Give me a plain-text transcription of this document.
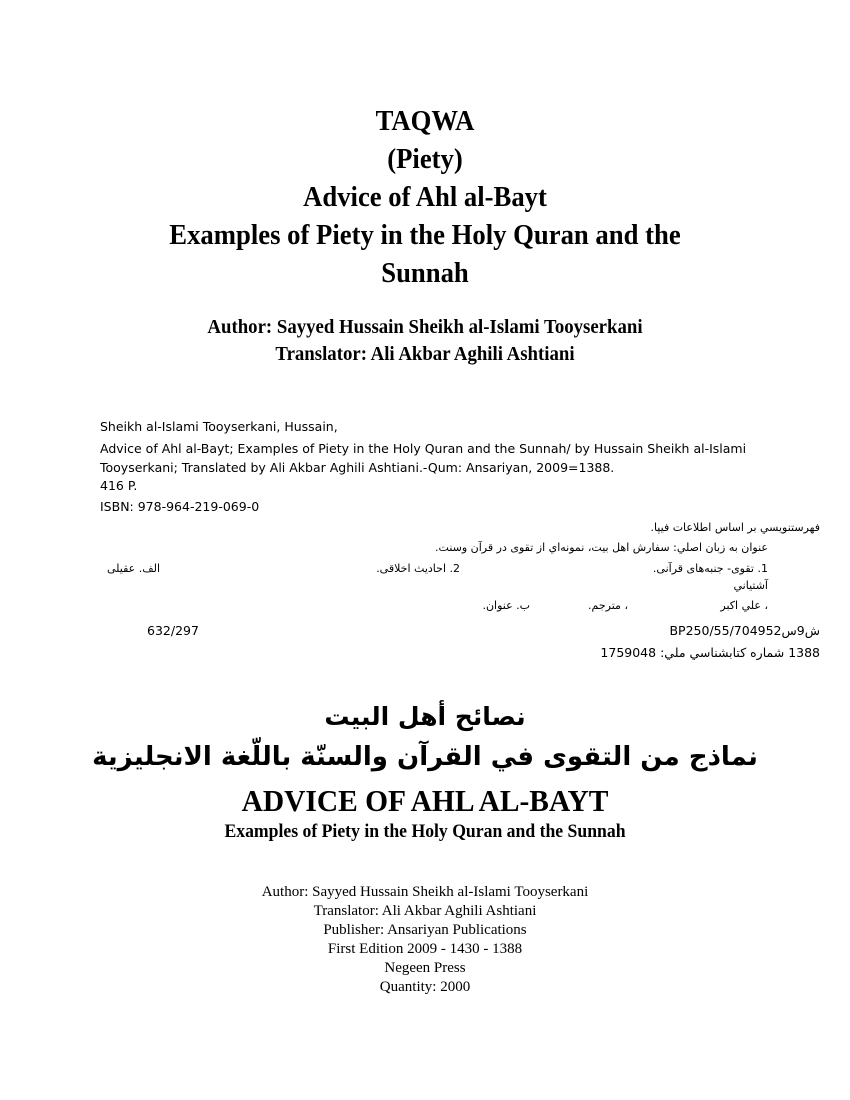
TAQWA
(Piety)
Advice of Ahl al-Bayt
Examples of Piety in the Holy Quran and the
Sunnah
Author: Sayyed Hussain Sheikh al-Islami Tooyserkani
Translator: Ali Akbar Aghili Ashtiani
Sheikh al-Islami Tooyserkani, Hussain,
Advice of Ahl al-Bayt; Examples of Piety in the Holy Quran and the Sunnah/ by Hussain Sheikh al-Islami
Tooyserkani; Translated by Ali Akbar Aghili Ashtiani.-Qum: Ansariyan, 2009=1388.
416 P.
ISBN: 978-964-219-069-0
فهرستنويسي بر اساس اطلاعات فيپا.
عنوان به زبان اصلي: سفارش اهل بيت، نمونه‌اي از تقوى در قرآن وسنت.
1. تقوى‌- جنبه‌هاى قرآنى.
2. احاديث اخلاقى.
الف. عقيلى
آشتياني
، علي اكبر
، مترجم.
ب. عنوان.
632/297	BP250/55/704952ش9س
1388 شماره كتابشناسي ملي: 1759048
نصائح أهل البيت
نماذج من التقوى في القرآن والسنّة باللّغة الانجليزية
ADVICE OF AHL AL-BAYT
Examples of Piety in the Holy Quran and the Sunnah
Author: Sayyed Hussain Sheikh al-Islami Tooyserkani
Translator: Ali Akbar Aghili Ashtiani
Publisher: Ansariyan Publications
First Edition 2009 - 1430 - 1388
Negeen Press
Quantity: 2000
